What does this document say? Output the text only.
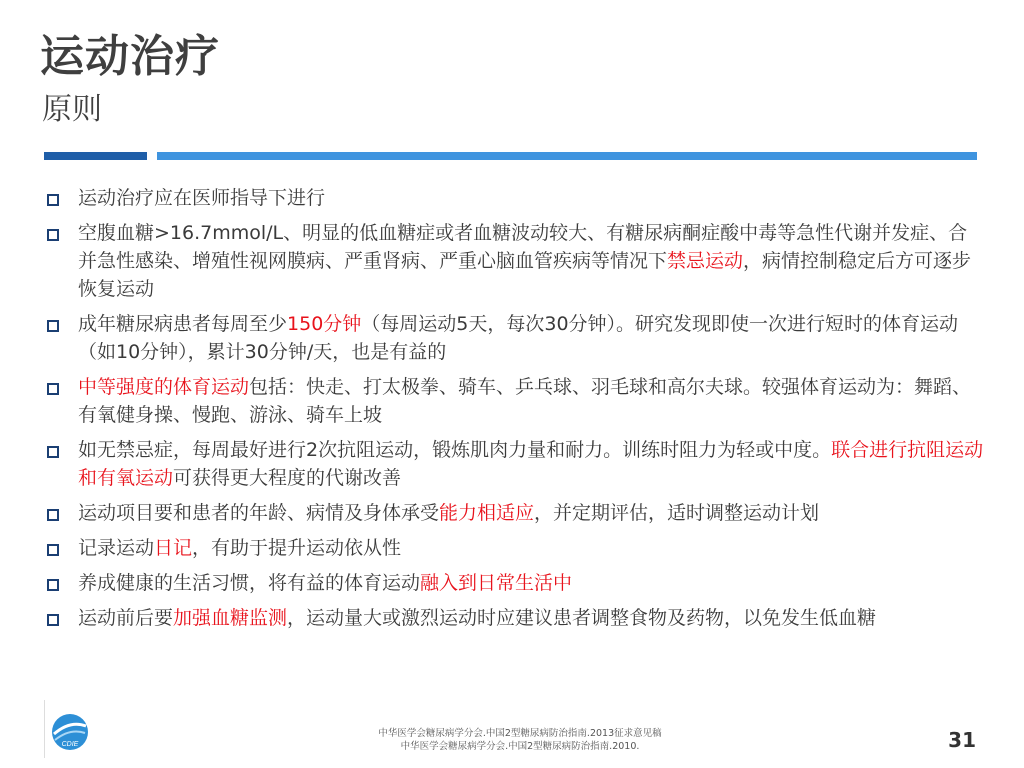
运动治疗
原则
运动治疗应在医师指导下进行
空腹血糖>16.7mmol/L、明显的低血糖症或者血糖波动较大、有糖尿病酮症酸中毒等急性代谢并发症、合并急性感染、增殖性视网膜病、严重肾病、严重心脑血管疾病等情况下禁忌运动，病情控制稳定后方可逐步恢复运动
成年糖尿病患者每周至少150分钟（每周运动5天，每次30分钟）。研究发现即使一次进行短时的体育运动（如10分钟），累计30分钟/天，也是有益的
中等强度的体育运动包括：快走、打太极拳、骑车、乒乓球、羽毛球和高尔夫球。较强体育运动为：舞蹈、有氧健身操、慢跑、游泳、骑车上坡
如无禁忌症，每周最好进行2次抗阻运动，锻炼肌肉力量和耐力。训练时阻力为轻或中度。联合进行抗阻运动和有氧运动可获得更大程度的代谢改善
运动项目要和患者的年龄、病情及身体承受能力相适应，并定期评估，适时调整运动计划
记录运动日记，有助于提升运动依从性
养成健康的生活习惯，将有益的体育运动融入到日常生活中
运动前后要加强血糖监测，运动量大或激烈运动时应建议患者调整食物及药物，以免发生低血糖
CDIE
中华医学会糖尿病学分会.中国2型糖尿病防治指南.2013征求意见稿
中华医学会糖尿病学分会.中国2型糖尿病防治指南.2010.	31
